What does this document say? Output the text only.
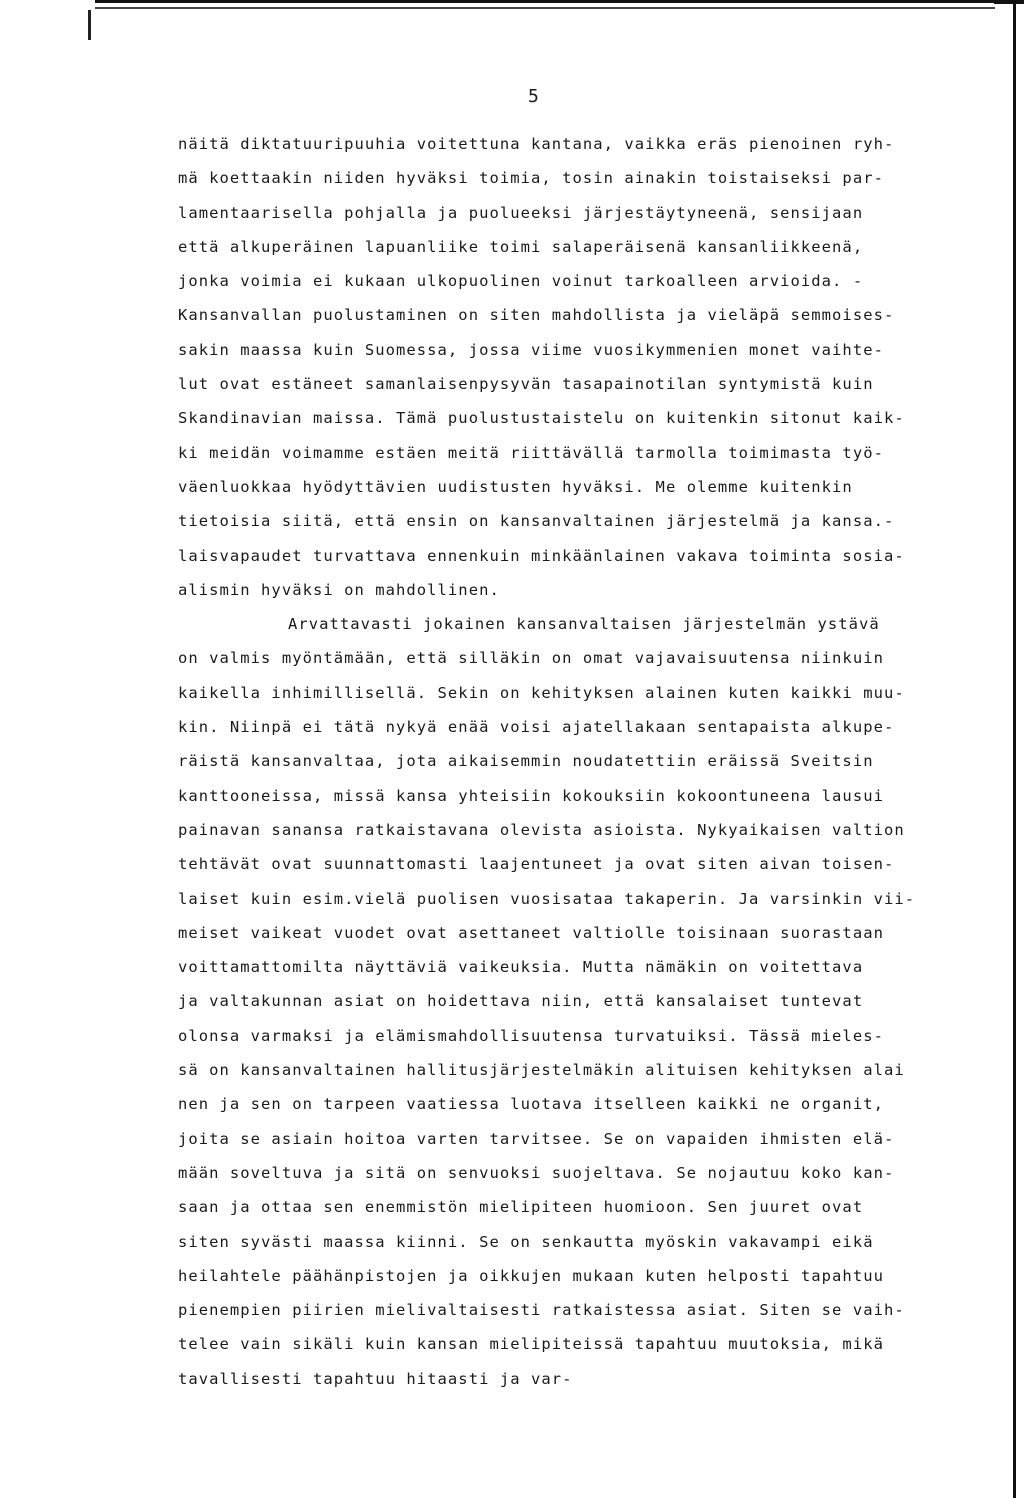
5
näitä diktatuuripuuhia voitettuna kantana, vaikka eräs pienoinen ryh-
mä koettaakin niiden hyväksi toimia, tosin ainakin toistaiseksi par-
lamentaarisella pohjalla ja puolueeksi järjestäytyneenä, sensijaan
että alkuperäinen lapuanliike toimi salaperäisenä kansanliikkeenä,
jonka voimia ei kukaan ulkopuolinen voinut tarkoalleen arvioida. -
Kansanvallan puolustaminen on siten mahdollista ja vieläpä semmoises-
sakin maassa kuin Suomessa, jossa viime vuosikymmenien monet vaihte-
lut ovat estäneet samanlaisenpysyvän tasapainotilan syntymistä kuin
Skandinavian maissa. Tämä puolustustaistelu on kuitenkin sitonut kaik-
ki meidän voimamme estäen meitä riittävällä tarmolla toimimasta työ-
väenluokkaa hyödyttävien uudistusten hyväksi. Me olemme kuitenkin
tietoisia siitä, että ensin on kansanvaltainen järjestelmä ja kansa.-
laisvapaudet turvattava ennenkuin minkäänlainen vakava toiminta sosia-
alismin hyväksi on mahdollinen.
Arvattavasti jokainen kansanvaltaisen järjestelmän ystävä
on valmis myöntämään, että silläkin on omat vajavaisuutensa niinkuin
kaikella inhimillisellä. Sekin on kehityksen alainen kuten kaikki muu-
kin. Niinpä ei tätä nykyä enää voisi ajatellakaan sentapaista alkupe-
räistä kansanvaltaa, jota aikaisemmin noudatettiin eräissä Sveitsin
kanttooneissa, missä kansa yhteisiin kokouksiin kokoontuneena lausui
painavan sanansa ratkaistavana olevista asioista. Nykyaikaisen valtion
tehtävät ovat suunnattomasti laajentuneet ja ovat siten aivan toisen-
laiset kuin esim.vielä puolisen vuosisataa takaperin. Ja varsinkin vii-
meiset vaikeat vuodet ovat asettaneet valtiolle toisinaan suorastaan
voittamattomilta näyttäviä vaikeuksia. Mutta nämäkin on voitettava
ja valtakunnan asiat on hoidettava niin, että kansalaiset tuntevat
olonsa varmaksi ja elämismahdollisuutensa turvatuiksi. Tässä mieles-
sä on kansanvaltainen hallitusjärjestelmäkin alituisen kehityksen alai
nen ja sen on tarpeen vaatiessa luotava itselleen kaikki ne organit,
joita se asiain hoitoa varten tarvitsee. Se on vapaiden ihmisten elä-
mään soveltuva ja sitä on senvuoksi suojeltava. Se nojautuu koko kan-
saan ja ottaa sen enemmistön mielipiteen huomioon. Sen juuret ovat
siten syvästi maassa kiinni. Se on senkautta myöskin vakavampi eikä
heilahtele päähänpistojen ja oikkujen mukaan kuten helposti tapahtuu
pienempien piirien mielivaltaisesti ratkaistessa asiat. Siten se vaih-
telee vain sikäli kuin kansan mielipiteissä tapahtuu muutoksia, mikä
tavallisesti tapahtuu hitaasti ja var-
